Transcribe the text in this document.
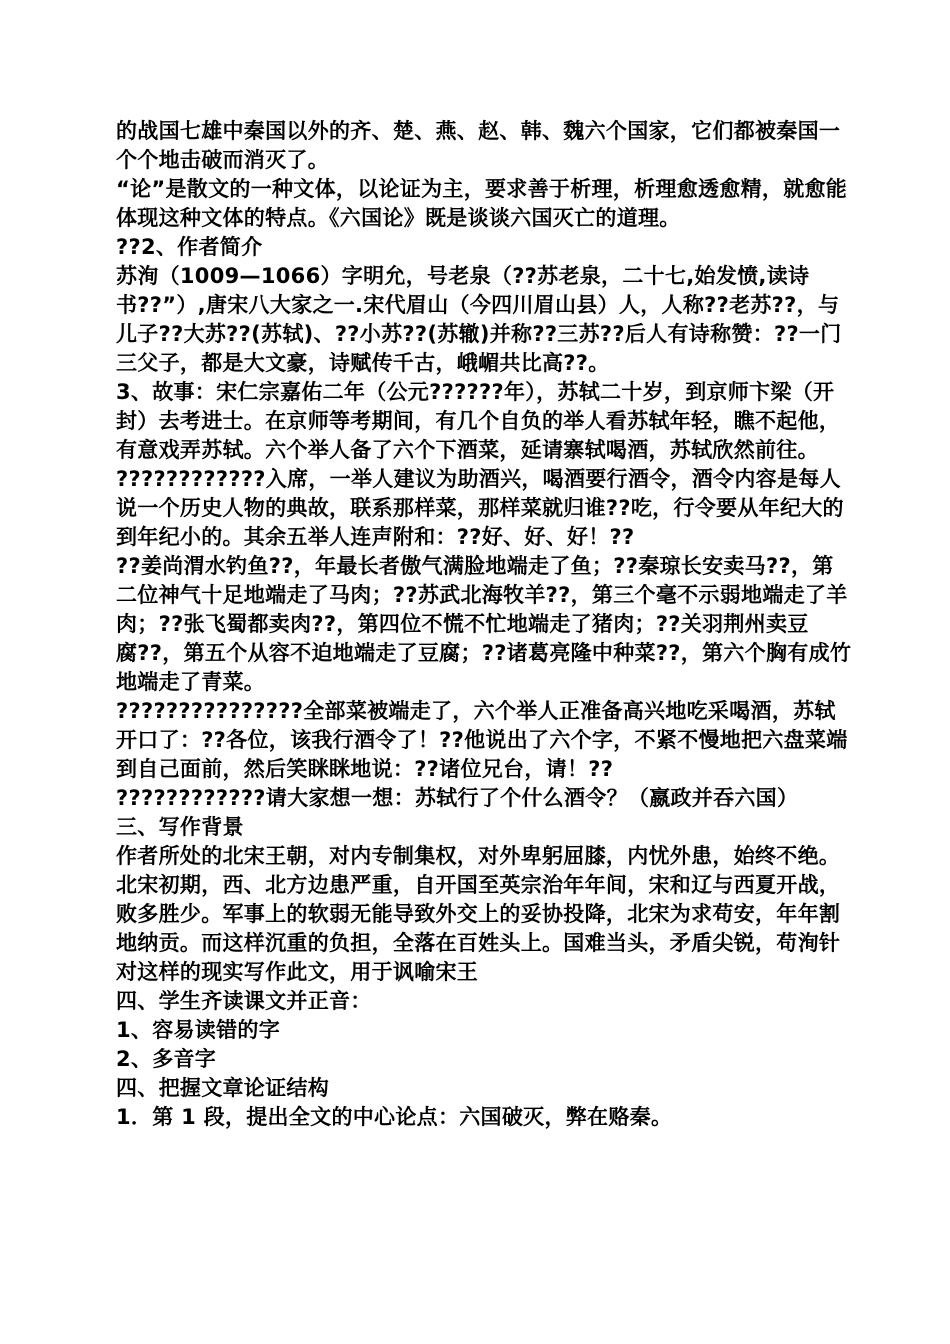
的战国七雄中秦国以外的齐、楚、燕、赵、韩、魏六个国家，它们都被秦国一个个地击破而消灭了。

“论”是散文的一种文体，以论证为主，要求善于析理，析理愈透愈精，就愈能体现这种文体的特点。《六国论》既是谈谈六国灭亡的道理。

??2、作者简介

苏洵（1009—1066）字明允，号老泉（??苏老泉，二十七,始发愤,读诗书??”）,唐宋八大家之一.宋代眉山（今四川眉山县）人，人称??老苏??，与儿子??大苏??(苏轼)、??小苏??(苏辙)并称??三苏??后人有诗称赞：??一门三父子，都是大文豪，诗赋传千古，峨嵋共比高??。

3、故事：宋仁宗嘉佑二年（公元??????年），苏轼二十岁，到京师卞梁（开封）去考进士。在京师等考期间，有几个自负的举人看苏轼年轻，瞧不起他，有意戏弄苏轼。六个举人备了六个下酒菜，延请寨轼喝酒，苏轼欣然前往。

????????????入席，一举人建议为助酒兴，喝酒要行酒令，酒令内容是每人说一个历史人物的典故，联系那样菜，那样菜就归谁??吃，行令要从年纪大的到年纪小的。其余五举人连声附和：??好、好、好！??

??姜尚渭水钓鱼??，年最长者傲气满脸地端走了鱼；??秦琼长安卖马??，第二位神气十足地端走了马肉；??苏武北海牧羊??，第三个毫不示弱地端走了羊肉；??张飞蜀都卖肉??，第四位不慌不忙地端走了猪肉；??关羽荆州卖豆腐??，第五个从容不迫地端走了豆腐；??诸葛亮隆中种菜??，第六个胸有成竹地端走了青菜。

???????????????全部菜被端走了，六个举人正准备高兴地吃采喝酒，苏轼开口了：??各位，该我行酒令了！??他说出了六个字，不紧不慢地把六盘菜端到自己面前，然后笑眯眯地说：??诸位兄台，请！??

????????????请大家想一想：苏轼行了个什么酒令？（嬴政并吞六国）

三、写作背景

作者所处的北宋王朝，对内专制集权，对外卑躬屈膝，内忧外患，始终不绝。北宋初期，西、北方边患严重，自开国至英宗治年年间，宋和辽与西夏开战，败多胜少。军事上的软弱无能导致外交上的妥协投降，北宋为求苟安，年年割地纳贡。而这样沉重的负担，全落在百姓头上。国难当头，矛盾尖锐，苟洵针对这样的现实写作此文，用于讽喻宋王

四、学生齐读课文并正音：

1、容易读错的字

2、多音字

四、把握文章论证结构

1．第 1 段，提出全文的中心论点：六国破灭，弊在赂秦。
